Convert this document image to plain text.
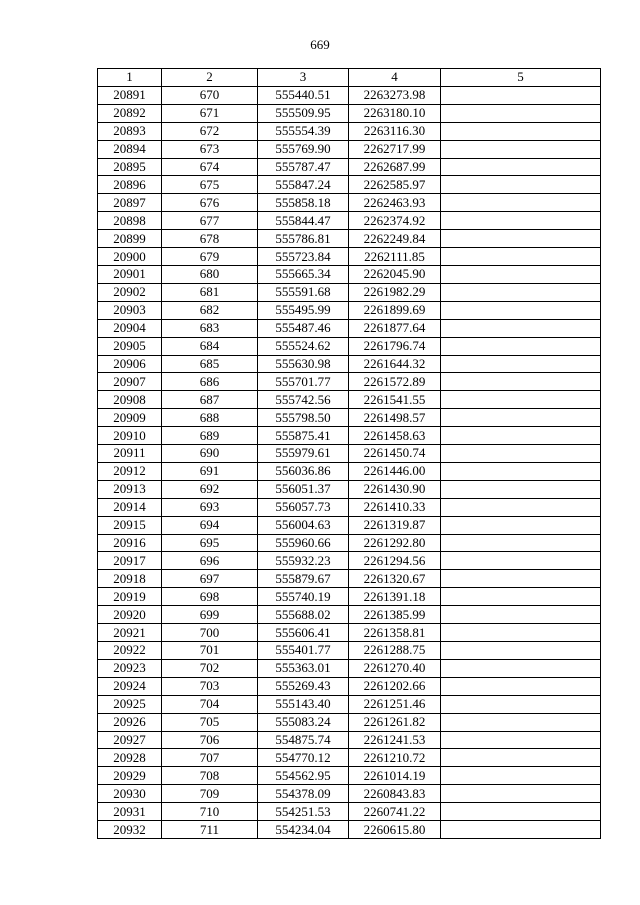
669
1	2	3	4	5
20891	670	555440.51	2263273.98	
20892	671	555509.95	2263180.10	
20893	672	555554.39	2263116.30	
20894	673	555769.90	2262717.99	
20895	674	555787.47	2262687.99	
20896	675	555847.24	2262585.97	
20897	676	555858.18	2262463.93	
20898	677	555844.47	2262374.92	
20899	678	555786.81	2262249.84	
20900	679	555723.84	2262111.85	
20901	680	555665.34	2262045.90	
20902	681	555591.68	2261982.29	
20903	682	555495.99	2261899.69	
20904	683	555487.46	2261877.64	
20905	684	555524.62	2261796.74	
20906	685	555630.98	2261644.32	
20907	686	555701.77	2261572.89	
20908	687	555742.56	2261541.55	
20909	688	555798.50	2261498.57	
20910	689	555875.41	2261458.63	
20911	690	555979.61	2261450.74	
20912	691	556036.86	2261446.00	
20913	692	556051.37	2261430.90	
20914	693	556057.73	2261410.33	
20915	694	556004.63	2261319.87	
20916	695	555960.66	2261292.80	
20917	696	555932.23	2261294.56	
20918	697	555879.67	2261320.67	
20919	698	555740.19	2261391.18	
20920	699	555688.02	2261385.99	
20921	700	555606.41	2261358.81	
20922	701	555401.77	2261288.75	
20923	702	555363.01	2261270.40	
20924	703	555269.43	2261202.66	
20925	704	555143.40	2261251.46	
20926	705	555083.24	2261261.82	
20927	706	554875.74	2261241.53	
20928	707	554770.12	2261210.72	
20929	708	554562.95	2261014.19	
20930	709	554378.09	2260843.83	
20931	710	554251.53	2260741.22	
20932	711	554234.04	2260615.80	
